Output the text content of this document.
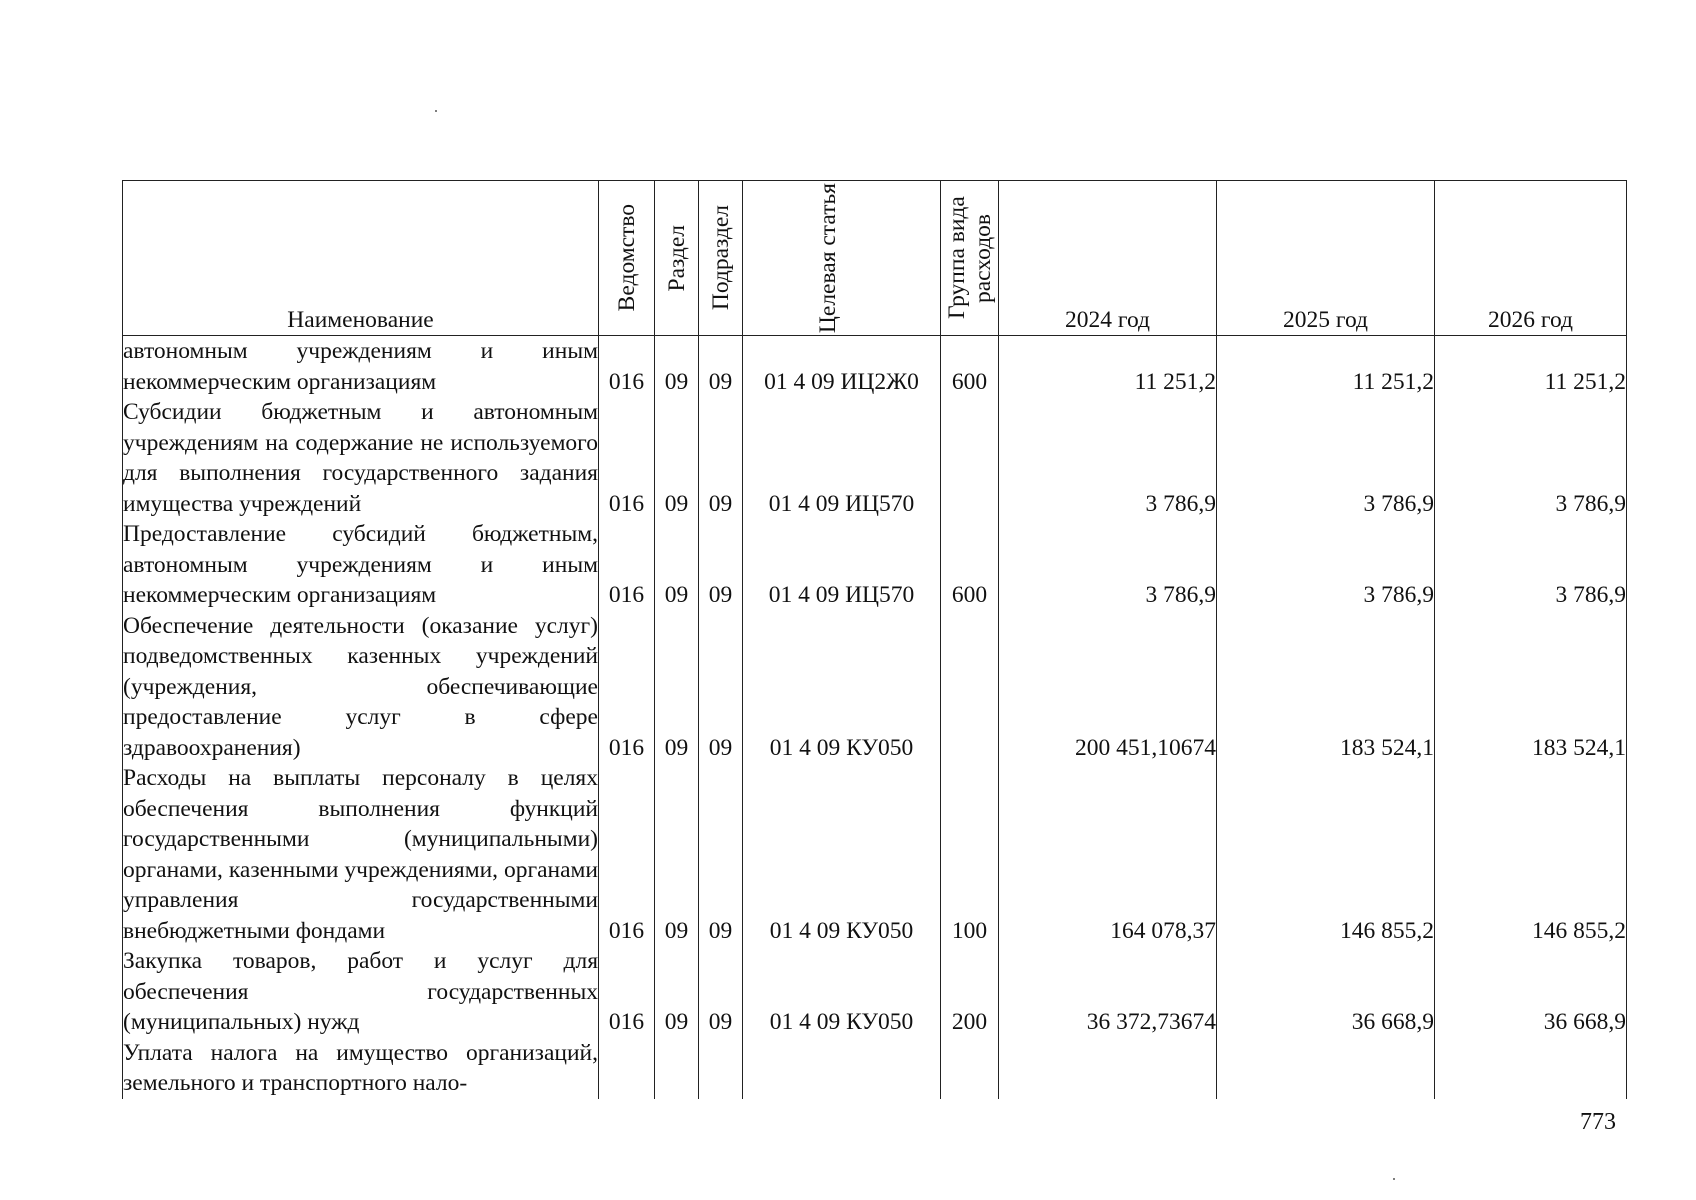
Наименование	Ведомство	Раздел	Подраздел	Целевая статья	Группа вида расходов	2024 год	2025 год	2026 год
автономным учреждениям и иным некоммерческим организациям	016	09	09	01 4 09 ИЦ2Ж0	600	11 251,2	11 251,2	11 251,2
Субсидии бюджетным и автономным учреждениям на содержание не используемого для выполнения государственного задания имущества учреждений	016	09	09	01 4 09 ИЦ570		3 786,9	3 786,9	3 786,9
Предоставление субсидий бюджетным, автономным учреждениям и иным некоммерческим организациям	016	09	09	01 4 09 ИЦ570	600	3 786,9	3 786,9	3 786,9
Обеспечение деятельности (оказание услуг) подведомственных казенных учреждений (учреждения, обеспечивающие предоставление услуг в сфере здравоохранения)	016	09	09	01 4 09 КУ050		200 451,10674	183 524,1	183 524,1
Расходы на выплаты персоналу в целях обеспечения выполнения функций государственными (муниципальными) органами, казенными учреждениями, органами управления государственными внебюджетными фондами	016	09	09	01 4 09 КУ050	100	164 078,37	146 855,2	146 855,2
Закупка товаров, работ и услуг для обеспечения государственных (муниципальных) нужд	016	09	09	01 4 09 КУ050	200	36 372,73674	36 668,9	36 668,9
Уплата налога на имущество организаций, земельного и транспортного нало-								
773
